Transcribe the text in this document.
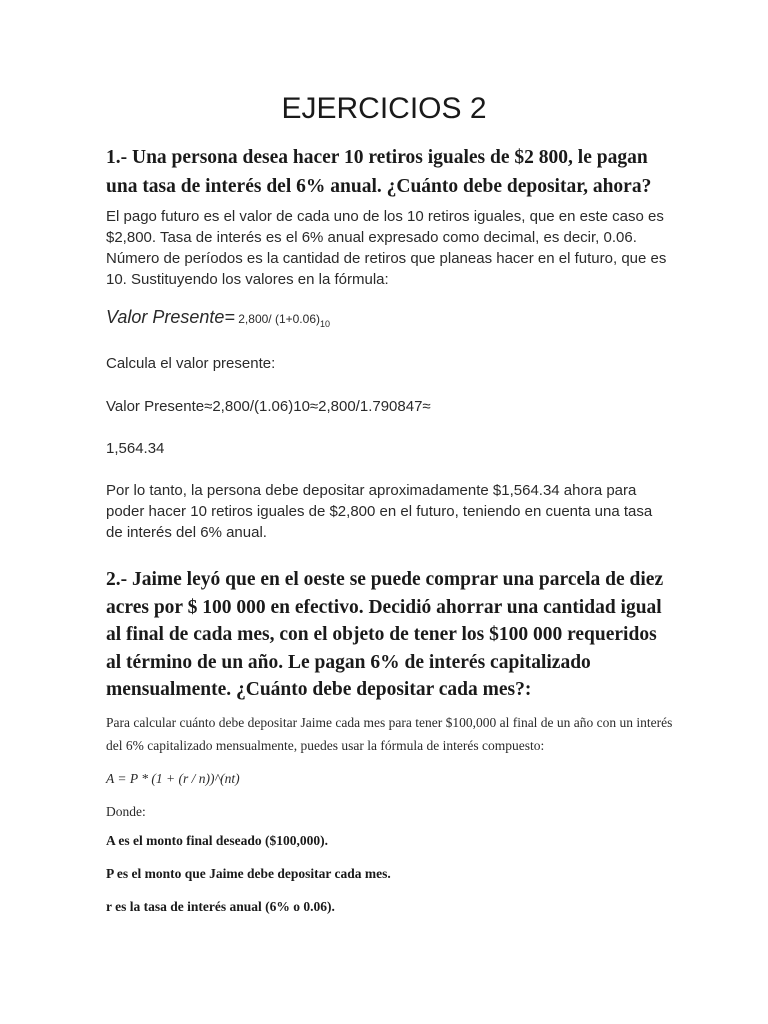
EJERCICIOS 2

1.- Una persona desea hacer 10 retiros iguales de $2 800, le pagan una tasa de interés del 6% anual. ¿Cuánto debe depositar, ahora?

El pago futuro es el valor de cada uno de los 10 retiros iguales, que en este caso es $2,800. Tasa de interés es el 6% anual expresado como decimal, es decir, 0.06. Número de períodos es la cantidad de retiros que planeas hacer en el futuro, que es 10. Sustituyendo los valores en la fórmula:

Valor Presente= 2,800/ $(1+0.06)_{10}$

Calcula el valor presente:

Valor Presente≈2,800/(1.06)10≈2,800/1.790847≈

1,564.34

Por lo tanto, la persona debe depositar aproximadamente $1,564.34 ahora para poder hacer 10 retiros iguales de $2,800 en el futuro, teniendo en cuenta una tasa de interés del 6% anual.

2.- Jaime leyó que en el oeste se puede comprar una parcela de diez acres por $ 100 000 en efectivo. Decidió ahorrar una cantidad igual al final de cada mes, con el objeto de tener los $100 000 requeridos al término de un año. Le pagan 6% de interés capitalizado mensualmente. ¿Cuánto debe depositar cada mes?:

Para calcular cuánto debe depositar Jaime cada mes para tener $100,000 al final de un año con un interés del 6% capitalizado mensualmente, puedes usar la fórmula de interés compuesto:

A = P * (1 + (r / n))^(nt)

Donde:

A es el monto final deseado ($100,000).

P es el monto que Jaime debe depositar cada mes.

r es la tasa de interés anual (6% o 0.06).
